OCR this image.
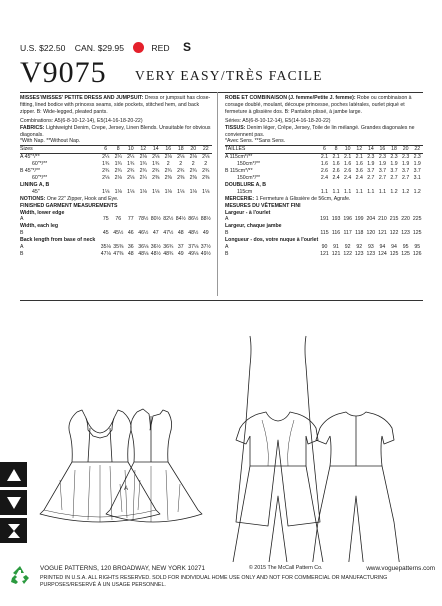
U.S. $22.50 CAN. $29.95	RED S
V9075 VERY EASY/TRÈS FACILE
MISSES'/MISSES' PETITE DRESS AND JUMPSUIT: Dress or jumpsuit has close-fitting, lined bodice with princess seams, side pockets, stitched hem, and back zipper. B: Wide-legged, pleated pants.
Combinations: A5(6-8-10-12-14), E5(14-16-18-20-22)
FABRICS: Lightweight Denim, Crepe, Jersey, Linen Blends. Unsuitable for obvious diagonals.
*With Nap. **Without Nap.
Sizes	6	8	10	12	14	16	18	20	22
A 45"*/**	2¼	2¼	2¼	2⅛	2⅛	2⅛	2⅛	2⅛	2⅛
60"*/**	1¾	1¾	1¾	1¾	1¾	2	2	2	2
B 45"*/**	2¾	2¾	2¾	2¾	2¾	2¾	2¾	2¾	2¾
60"*/**	2⅛	2⅛	2⅛	2¼	2⅜	2⅜	2⅜	2⅜	2⅜
LINING A, B
45"	1⅛	1⅛	1⅛	1⅛	1⅛	1⅛	1⅛	1⅛	1⅛
NOTIONS: One 22" Zipper, Hook and Eye.
FINISHED GARMENT MEASUREMENTS
Width, lower edge
A	75	76	77 78½ 80½ 82½ 84½ 86½ 88½
Width, each leg
B	45 45½ 46 46½ 47 47½ 48 48½ 49
Back length from base of neck
A	35⅛ 35⅜ 36 36⅛ 36½ 36¾ 37 37⅛ 37½
B	47⅛ 47⅜ 48 48⅛ 48½ 48¾ 49 49⅛ 49½
ROBE ET COMBINAISON (J. femme/Petite J. femme): Robe ou combinaison à corsage doublé, moulant, découpe princesse, poches latérales, ourlet piqué et fermeture à glissière dos. B: Pantalon plissé, à jambe large.
Séries: A5(6-8-10-12-14), E5(14-16-18-20-22)
TISSUS: Denim léger, Crêpe, Jersey, Toile de lin mélangé. Grandes diagonales ne conviennent pas.
*Avec Sens. **Sans Sens.
TAILLES	6	8	10	12	14	16	18	20	22
A 115cm*/**	2.1 2.1 2.1 2.1 2.3 2.3 2.3 2.3 2.3
150cm*/**	1.6 1.6 1.6 1.6 1.9 1.9 1.9 1.9 1.9
B 115cm*/**	2.6 2.6 2.6 3.6 3.7 3.7 3.7 3.7 3.7
150cm*/**	2.4 2.4 2.4 2.4 2.7 2.7 2.7 2.7 3.1
DOUBLURE A, B
115cm	1.1 1.1 1.1 1.1 1.1 1.1 1.2 1.2 1.2
MERCERIE: 1 Fermeture à Glissière de 56cm, Agrafe.
MESURES DU VÊTEMENT FINI
Largeur - à l'ourlet
A	191 193 196 199 204 210 215 220 225
Largeur, chaque jambe
B	115 116 117 118 120 121 122 123 125
Longueur - dos, votre nuque à l'ourlet
A	90	91	92	92	93	94	94	95	95
B	121 121 122 123 123 124 125 125 126
A
VOGUE PATTERNS, 120 BROADWAY, NEW YORK 10271	© 2015 The McCall Pattern Co.	www.voguepatterns.com
PRINTED IN U.S.A. ALL RIGHTS RESERVED. SOLD FOR INDIVIDUAL HOME USE ONLY AND NOT FOR COMMERCIAL OR MANUFACTURING PURPOSES/RESERVÉ À UN USAGE PERSONNEL.
